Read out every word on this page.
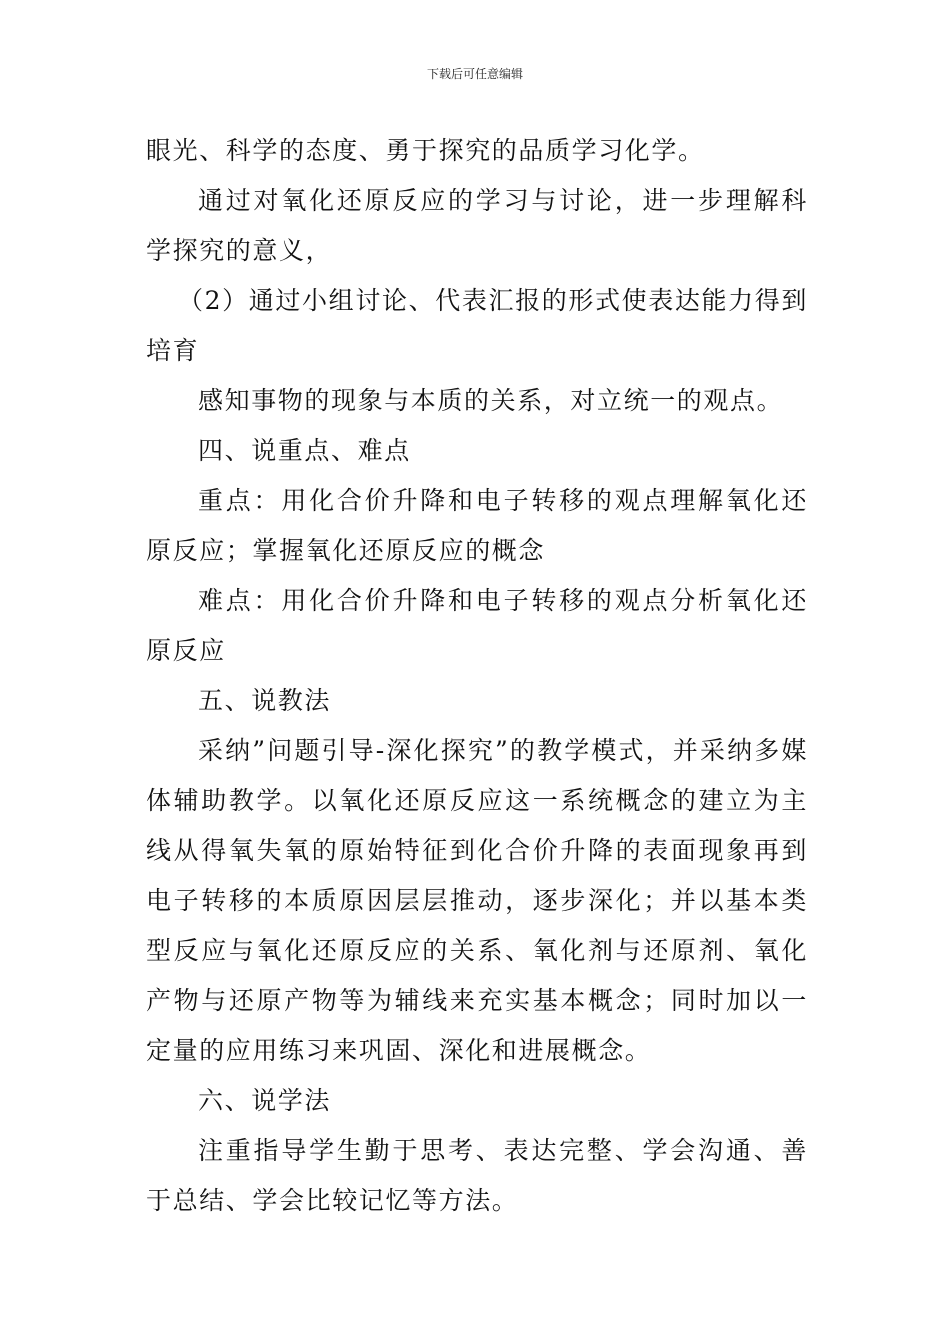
下载后可任意编辑

眼光、科学的态度、勇于探究的品质学习化学。

通过对氧化还原反应的学习与讨论，进一步理解科学探究的意义，

（2）通过小组讨论、代表汇报的形式使表达能力得到培育

感知事物的现象与本质的关系，对立统一的观点。

四、说重点、难点

重点：用化合价升降和电子转移的观点理解氧化还原反应；掌握氧化还原反应的概念

难点：用化合价升降和电子转移的观点分析氧化还原反应

五、说教法

采纳”问题引导-深化探究”的教学模式，并采纳多媒体辅助教学。以氧化还原反应这一系统概念的建立为主线从得氧失氧的原始特征到化合价升降的表面现象再到电子转移的本质原因层层推动，逐步深化；并以基本类型反应与氧化还原反应的关系、氧化剂与还原剂、氧化产物与还原产物等为辅线来充实基本概念；同时加以一定量的应用练习来巩固、深化和进展概念。

六、说学法

注重指导学生勤于思考、表达完整、学会沟通、善于总结、学会比较记忆等方法。
